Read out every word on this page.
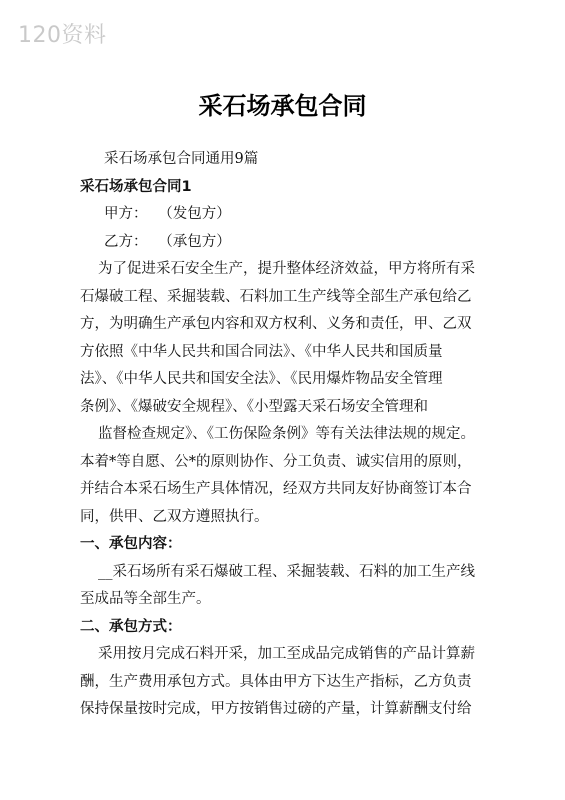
120资料
采石场承包合同

采石场承包合同通用9篇

采石场承包合同1

甲方： （发包方）

乙方： （承包方）

为了促进采石安全生产，提升整体经济效益，甲方将所有采

石爆破工程、采掘装载、石料加工生产线等全部生产承包给乙

方，为明确生产承包内容和双方权利、义务和责任，甲、乙双

方依照《中华人民共和国合同法》、《中华人民共和国质量

法》、《中华人民共和国安全法》、《民用爆炸物品安全管理

条例》、《爆破安全规程》、《小型露天采石场安全管理和

监督检查规定》、《工伤保险条例》等有关法律法规的规定。

本着*等自愿、公*的原则协作、分工负责、诚实信用的原则，

并结合本采石场生产具体情况，经双方共同友好协商签订本合

同，供甲、乙双方遵照执行。

一、承包内容：

__采石场所有采石爆破工程、采掘装载、石料的加工生产线

至成品等全部生产。

二、承包方式：

采用按月完成石料开采，加工至成品完成销售的产品计算薪

酬，生产费用承包方式。具体由甲方下达生产指标，乙方负责

保持保量按时完成，甲方按销售过磅的产量，计算薪酬支付给
